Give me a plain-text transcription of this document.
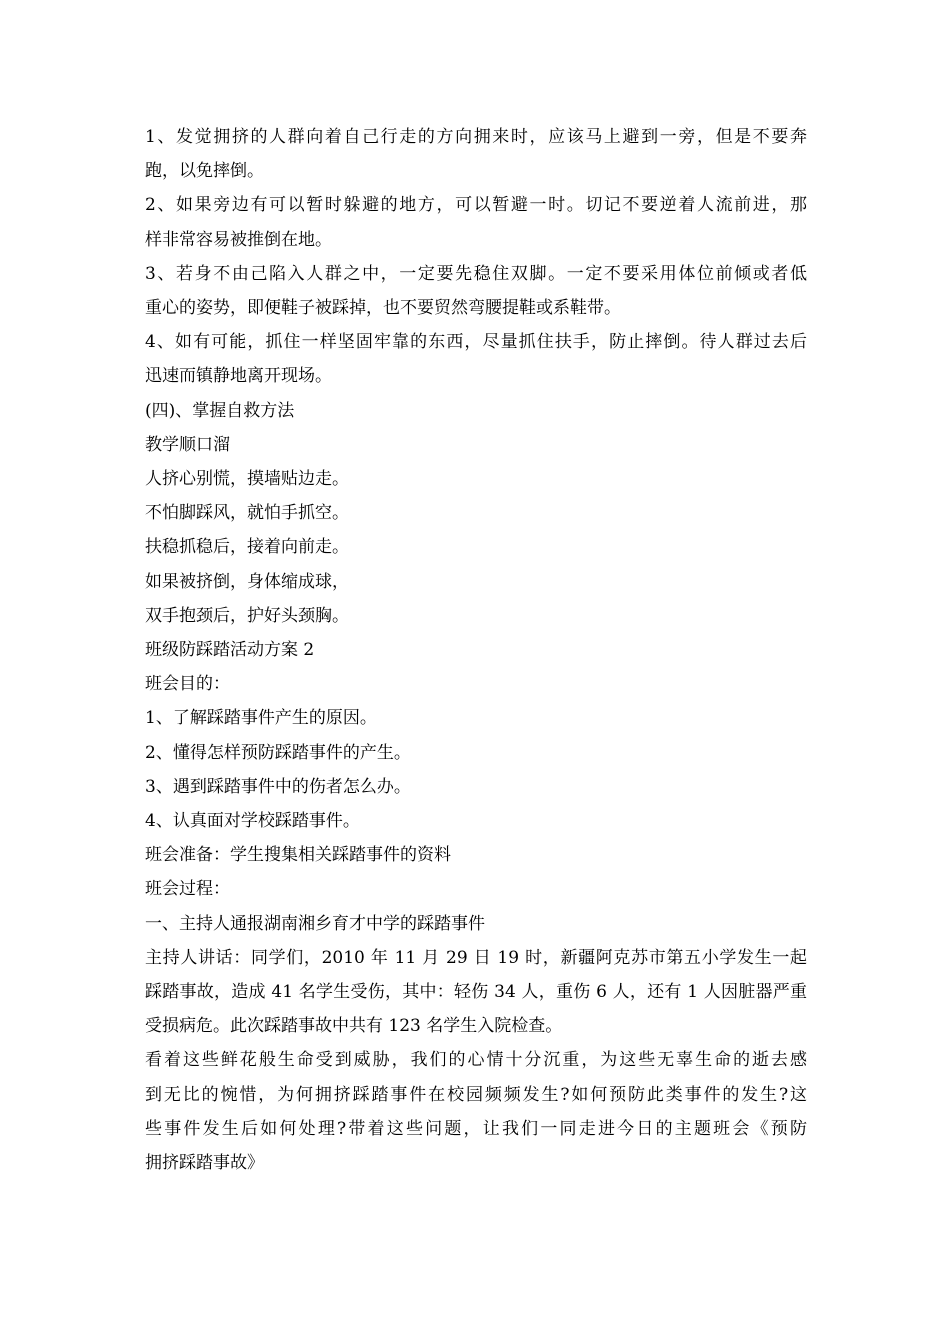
1、发觉拥挤的人群向着自己行走的方向拥来时，应该马上避到一旁，但是不要奔
跑，以免摔倒。
2、如果旁边有可以暂时躲避的地方，可以暂避一时。切记不要逆着人流前进，那
样非常容易被推倒在地。
3、若身不由己陷入人群之中，一定要先稳住双脚。一定不要采用体位前倾或者低
重心的姿势，即便鞋子被踩掉，也不要贸然弯腰提鞋或系鞋带。
4、如有可能，抓住一样坚固牢靠的东西，尽量抓住扶手，防止摔倒。待人群过去后
迅速而镇静地离开现场。
(四)、掌握自救方法
教学顺口溜
人挤心别慌，摸墙贴边走。
不怕脚踩风，就怕手抓空。
扶稳抓稳后，接着向前走。
如果被挤倒，身体缩成球，
双手抱颈后，护好头颈胸。
班级防踩踏活动方案 2
班会目的：
1、了解踩踏事件产生的原因。
2、懂得怎样预防踩踏事件的产生。
3、遇到踩踏事件中的伤者怎么办。
4、认真面对学校踩踏事件。
班会准备：学生搜集相关踩踏事件的资料
班会过程：
一、主持人通报湖南湘乡育才中学的踩踏事件
主持人讲话：同学们，2010 年 11 月 29 日 19 时，新疆阿克苏市第五小学发生一起
踩踏事故，造成 41 名学生受伤，其中：轻伤 34 人，重伤 6 人，还有 1 人因脏器严重
受损病危。此次踩踏事故中共有 123 名学生入院检查。
看着这些鲜花般生命受到威胁，我们的心情十分沉重，为这些无辜生命的逝去感
到无比的惋惜，为何拥挤踩踏事件在校园频频发生?如何预防此类事件的发生?这
些事件发生后如何处理?带着这些问题，让我们一同走进今日的主题班会《预防
拥挤踩踏事故》
